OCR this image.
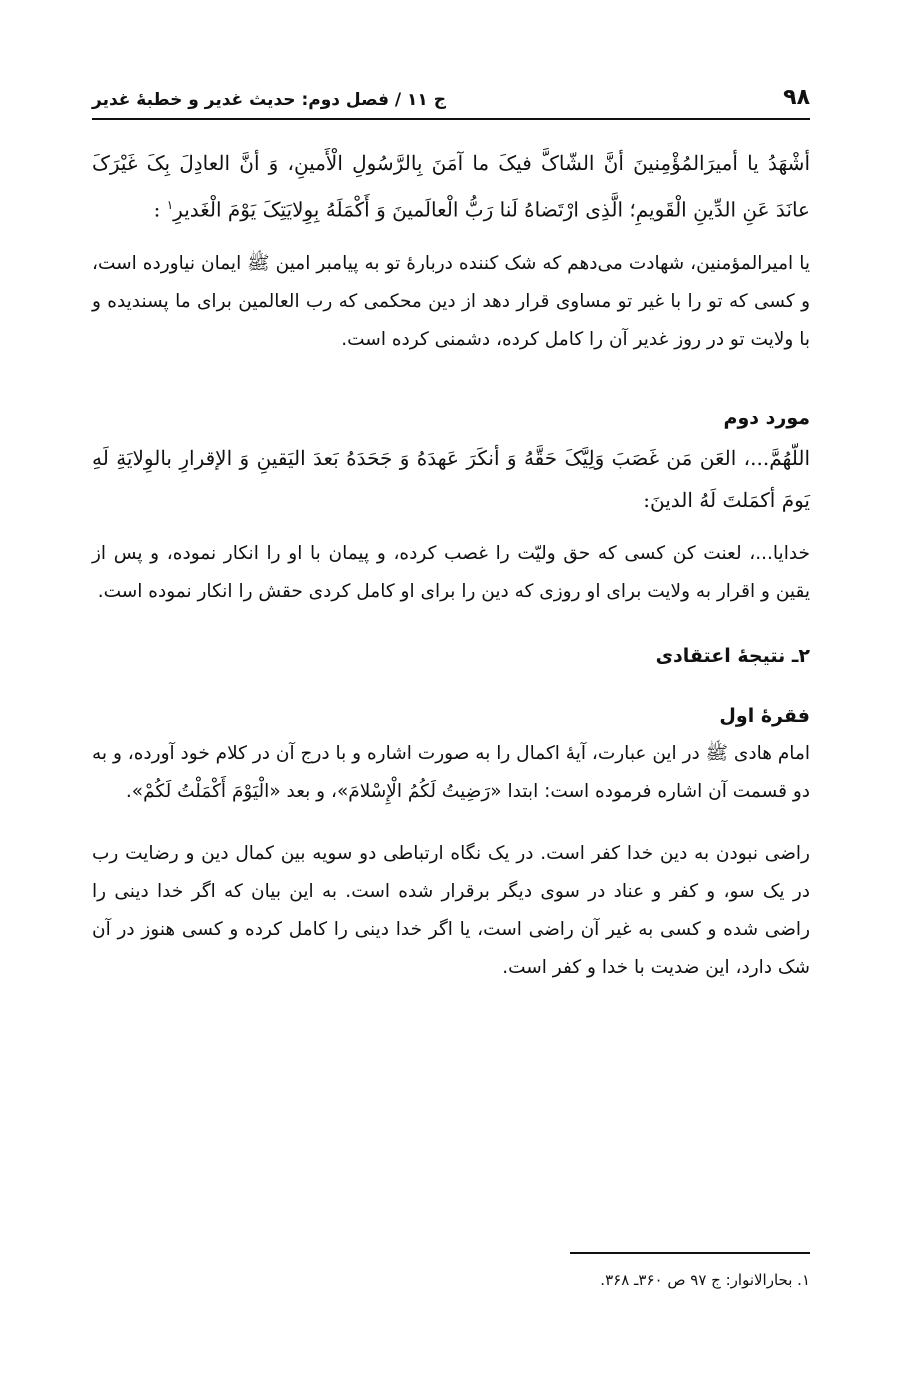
۹۸
ج ۱۱ / فصل دوم: حدیث غدیر و خطبهٔ غدیر

أشْهَدُ یا أمیرَالمُؤْمِنینَ أنَّ الشّاکَّ فیکَ ما آمَنَ بِالرَّسُولِ الْأَمینِ، وَ أنَّ العادِلَ بِکَ غَیْرَکَ عانَدَ عَنِ الدِّینِ الْقَویمِ؛ الَّذِی ارْتَضاهُ لَنا رَبُّ الْعالَمینَ وَ أَکْمَلَهُ بِوِلایَتِکَ یَوْمَ الْغَدیرِ$^۱$ :

یا امیرالمؤمنین، شهادت می‌دهم که شک کننده دربارهٔ تو به پیامبر امین ﷺ ایمان نیاورده است، و کسی که تو را با غیر تو مساوی قرار دهد از دین محکمی که رب العالمین برای ما پسندیده و با ولایت تو در روز غدیر آن را کامل کرده، دشمنی کرده است.

مورد دوم

اللّهُمَّ...، العَن مَن غَصَبَ وَلِیَّکَ حَقَّهُ وَ أنکَرَ عَهدَهُ وَ جَحَدَهُ بَعدَ الیَقینِ وَ الإقرارِ بالوِلایَةِ لَهِ یَومَ أکمَلتَ لَهُ الدینَ:

خدایا...، لعنت کن کسی که حق ولیّت را غصب کرده، و پیمان با او را انکار نموده، و پس از یقین و اقرار به ولایت برای او روزی که دین را برای او کامل کردی حقش را انکار نموده است.

۲ـ نتیجهٔ اعتقادی

فقرهٔ اول

امام هادی ﷺ در این عبارت، آیهٔ اکمال را به صورت اشاره و با درج آن در کلام خود آورده، و به دو قسمت آن اشاره فرموده است: ابتدا «رَضِیتُ لَکُمُ الْإِسْلامَ»، و بعد «الْیَوْمَ أَکْمَلْتُ لَکُمْ».

راضی نبودن به دین خدا کفر است. در یک نگاه ارتباطی دو سویه بین کمال دین و رضایت رب در یک سو، و کفر و عناد در سوی دیگر برقرار شده است. به این بیان که اگر خدا دینی را راضی شده و کسی به غیر آن راضی است، یا اگر خدا دینی را کامل کرده و کسی هنوز در آن شک دارد، این ضدیت با خدا و کفر است.

۱. بحارالانوار: ج ۹۷ ص ۳۶۰ـ ۳۶۸.
